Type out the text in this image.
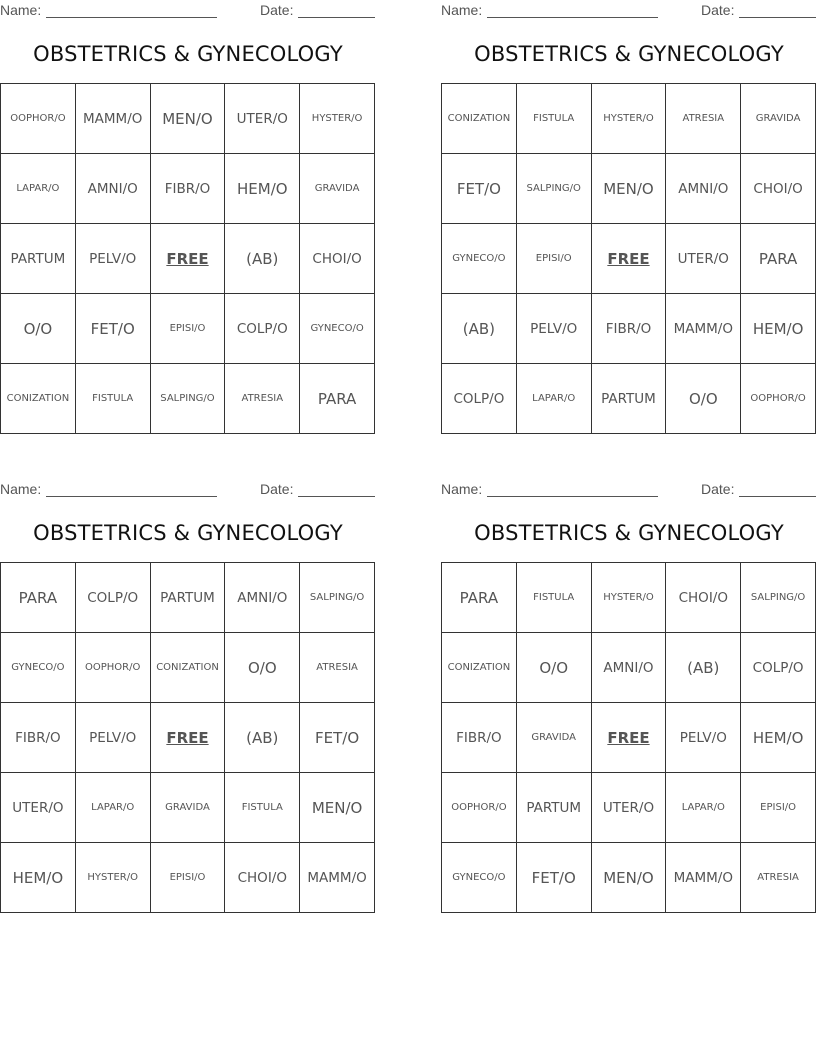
Name:	Date:
OBSTETRICS & GYNECOLOGY
OOPHOR/O	MAMM/O	MEN/O	UTER/O	HYSTER/O
LAPAR/O	AMNI/O	FIBR/O	HEM/O	GRAVIDA
PARTUM	PELV/O	FREE	(AB)	CHOI/O
O/O	FET/O	EPISI/O	COLP/O	GYNECO/O
CONIZATION	FISTULA	SALPING/O	ATRESIA	PARA
Name:	Date:
OBSTETRICS & GYNECOLOGY
CONIZATION	FISTULA	HYSTER/O	ATRESIA	GRAVIDA
FET/O	SALPING/O	MEN/O	AMNI/O	CHOI/O
GYNECO/O	EPISI/O	FREE	UTER/O	PARA
(AB)	PELV/O	FIBR/O	MAMM/O	HEM/O
COLP/O	LAPAR/O	PARTUM	O/O	OOPHOR/O
Name:	Date:
OBSTETRICS & GYNECOLOGY
PARA	COLP/O	PARTUM	AMNI/O	SALPING/O
GYNECO/O	OOPHOR/O	CONIZATION	O/O	ATRESIA
FIBR/O	PELV/O	FREE	(AB)	FET/O
UTER/O	LAPAR/O	GRAVIDA	FISTULA	MEN/O
HEM/O	HYSTER/O	EPISI/O	CHOI/O	MAMM/O
Name:	Date:
OBSTETRICS & GYNECOLOGY
PARA	FISTULA	HYSTER/O	CHOI/O	SALPING/O
CONIZATION	O/O	AMNI/O	(AB)	COLP/O
FIBR/O	GRAVIDA	FREE	PELV/O	HEM/O
OOPHOR/O	PARTUM	UTER/O	LAPAR/O	EPISI/O
GYNECO/O	FET/O	MEN/O	MAMM/O	ATRESIA
